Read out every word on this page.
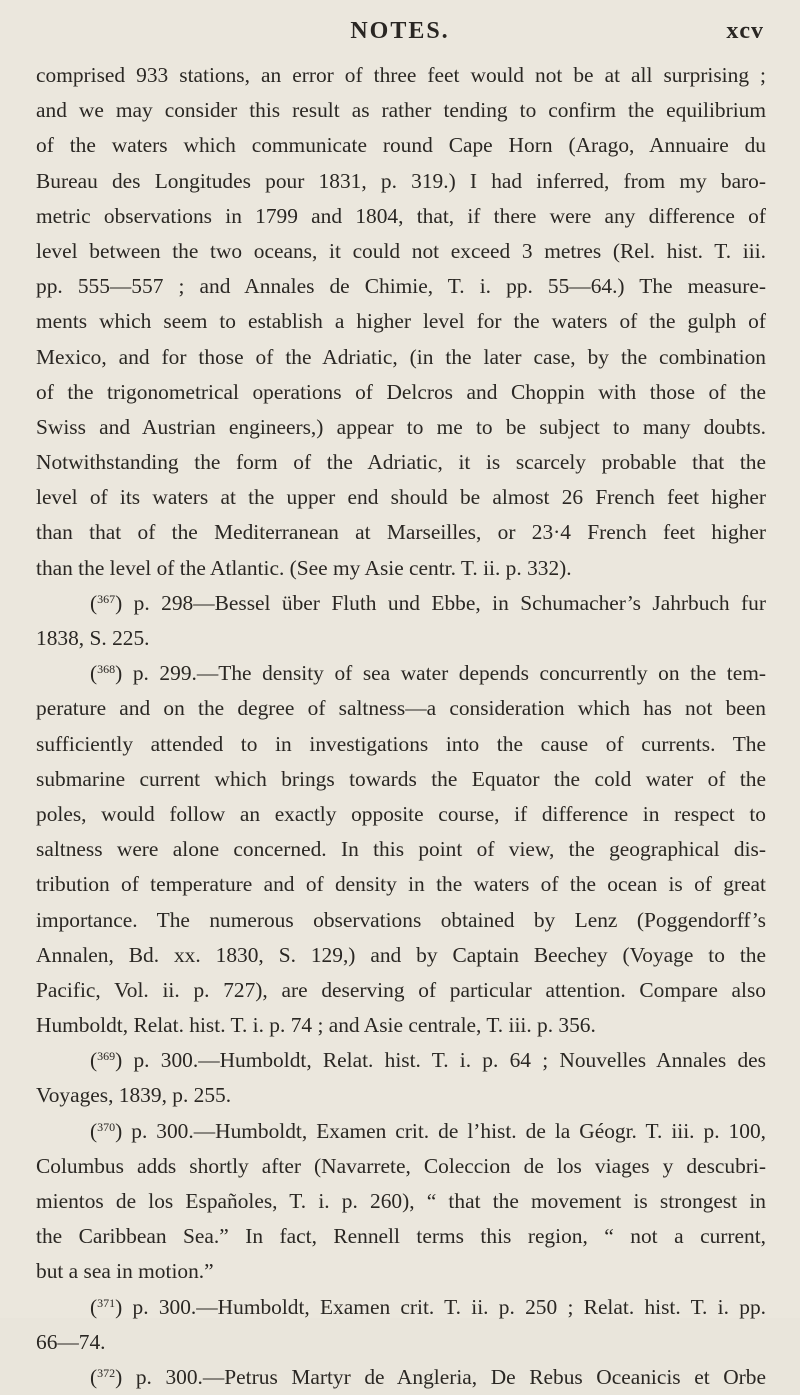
NOTES.	xcv
comprised 933 stations, an error of three feet would not be at all surprising ;
and we may consider this result as rather tending to confirm the equilibrium
of the waters which communicate round Cape Horn (Arago, Annuaire du
Bureau des Longitudes pour 1831, p. 319.) I had inferred, from my baro-
metric observations in 1799 and 1804, that, if there were any difference of
level between the two oceans, it could not exceed 3 metres (Rel. hist. T. iii.
pp. 555—557 ; and Annales de Chimie, T. i. pp. 55—64.) The measure-
ments which seem to establish a higher level for the waters of the gulph of
Mexico, and for those of the Adriatic, (in the later case, by the combination
of the trigonometrical operations of Delcros and Choppin with those of the
Swiss and Austrian engineers,) appear to me to be subject to many doubts.
Notwithstanding the form of the Adriatic, it is scarcely probable that the
level of its waters at the upper end should be almost 26 French feet higher
than that of the Mediterranean at Marseilles, or 23·4 French feet higher
than the level of the Atlantic. (See my Asie centr. T. ii. p. 332).
($^{367}$) p. 298—Bessel über Fluth und Ebbe, in Schumacher’s Jahrbuch fur
1838, S. 225.
($^{368}$) p. 299.—The density of sea water depends concurrently on the tem-
perature and on the degree of saltness—a consideration which has not been
sufficiently attended to in investigations into the cause of currents. The
submarine current which brings towards the Equator the cold water of the
poles, would follow an exactly opposite course, if difference in respect to
saltness were alone concerned. In this point of view, the geographical dis-
tribution of temperature and of density in the waters of the ocean is of great
importance. The numerous observations obtained by Lenz (Poggendorff’s
Annalen, Bd. xx. 1830, S. 129,) and by Captain Beechey (Voyage to the
Pacific, Vol. ii. p. 727), are deserving of particular attention. Compare also
Humboldt, Relat. hist. T. i. p. 74 ; and Asie centrale, T. iii. p. 356.
($^{369}$) p. 300.—Humboldt, Relat. hist. T. i. p. 64 ; Nouvelles Annales des
Voyages, 1839, p. 255.
($^{370}$) p. 300.—Humboldt, Examen crit. de l’hist. de la Géogr. T. iii. p. 100,
Columbus adds shortly after (Navarrete, Coleccion de los viages y descubri-
mientos de los Españoles, T. i. p. 260), “ that the movement is strongest in
the Caribbean Sea.” In fact, Rennell terms this region, “ not a current,
but a sea in motion.”
($^{371}$) p. 300.—Humboldt, Examen crit. T. ii. p. 250 ; Relat. hist. T. i. pp.
66—74.
($^{372}$) p. 300.—Petrus Martyr de Angleria, De Rebus Oceanicis et Orbe
